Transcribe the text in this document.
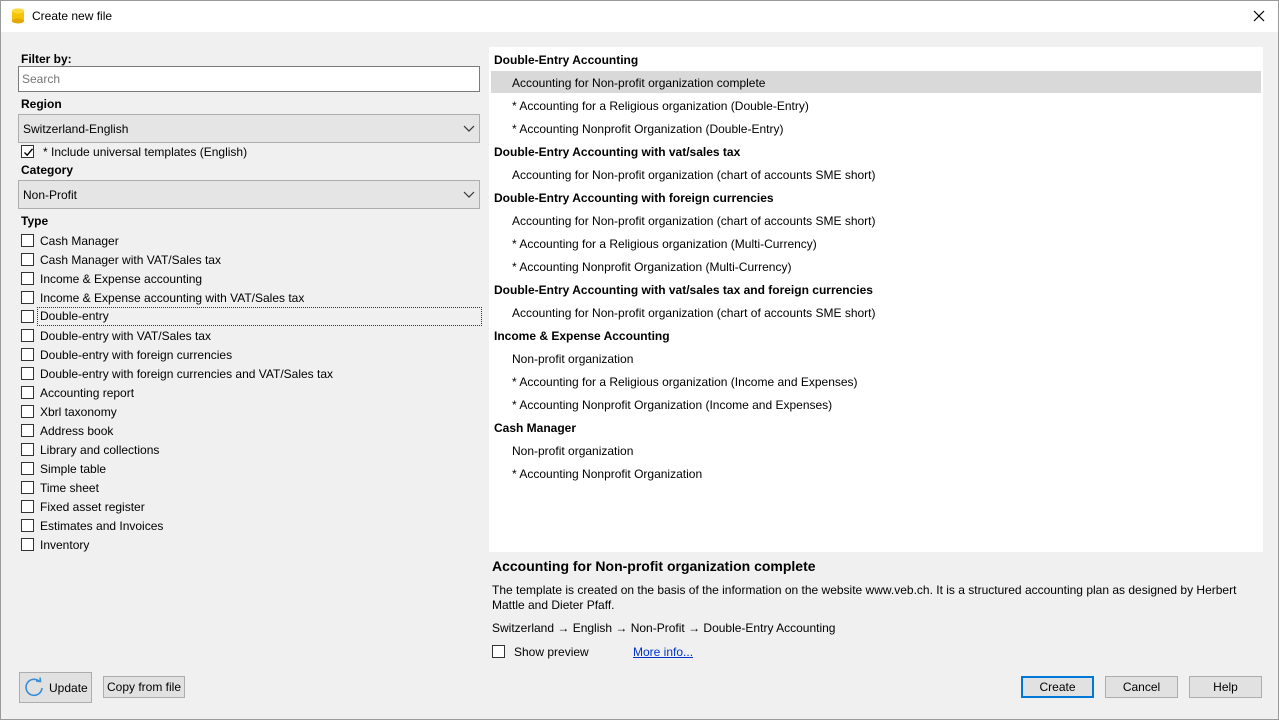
Create new file
Filter by:
Search
Region
Switzerland-English
* Include universal templates (English)
Category
Non-Profit
Type
Cash Manager
Cash Manager with VAT/Sales tax
Income & Expense accounting
Income & Expense accounting with VAT/Sales tax
Double-entry
Double-entry with VAT/Sales tax
Double-entry with foreign currencies
Double-entry with foreign currencies and VAT/Sales tax
Accounting report
Xbrl taxonomy
Address book
Library and collections
Simple table
Time sheet
Fixed asset register
Estimates and Invoices
Inventory
Double-Entry Accounting
Accounting for Non-profit organization complete
* Accounting for a Religious organization (Double-Entry)
* Accounting Nonprofit Organization (Double-Entry)
Double-Entry Accounting with vat/sales tax
Accounting for Non-profit organization (chart of accounts SME short)
Double-Entry Accounting with foreign currencies
Accounting for Non-profit organization (chart of accounts SME short)
* Accounting for a Religious organization (Multi-Currency)
* Accounting Nonprofit Organization (Multi-Currency)
Double-Entry Accounting with vat/sales tax and foreign currencies
Accounting for Non-profit organization (chart of accounts SME short)
Income & Expense Accounting
Non-profit organization
* Accounting for a Religious organization (Income and Expenses)
* Accounting Nonprofit Organization (Income and Expenses)
Cash Manager
Non-profit organization
* Accounting Nonprofit Organization
Accounting for Non-profit organization complete
The template is created on the basis of the information on the website www.veb.ch. It is a structured accounting plan as designed by Herbert Mattle and Dieter Pfaff.
Switzerland → English → Non-Profit → Double-Entry Accounting
Show preview	More info...
Update	Copy from file	Create	Cancel	Help
